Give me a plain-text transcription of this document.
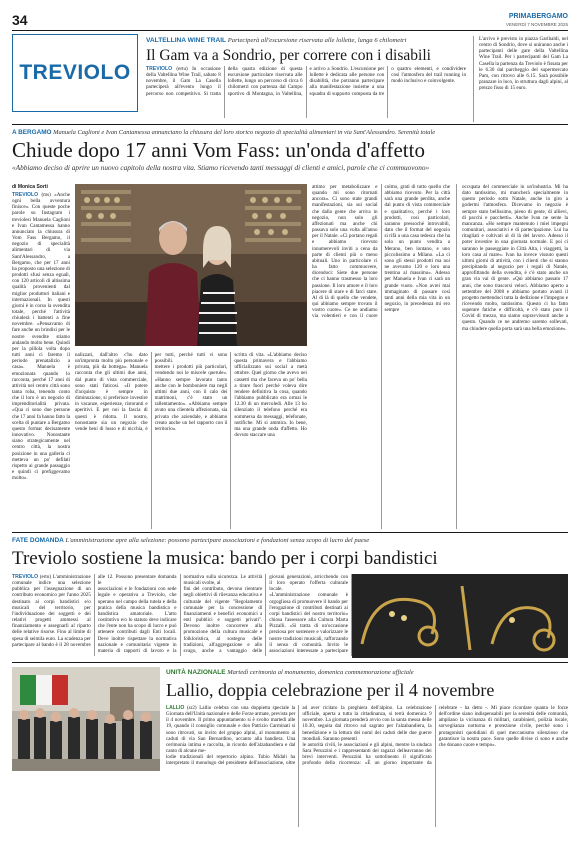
34	PRIMABERGAMO
VENERDÌ 7 NOVEMBRE 2025
TREVIOLO
VALTELLINA WINE TRAIL Parteciperà all'escursione riservata alle lollette, lunga 6 chilometri
Il Gam va a Sondrio, per correre con i disabili

TREVIOLO (ertu) In occasione della Valtellina Wine Trail, sabato 8 novembre, il Gam La Casella parteciperà all'evento lungo il percorso non competitivo. Si tratta della quarta edizione di questa escursione particolare riservata alle lollette, lungo un percorso di circa 6 chilometri con partenza dal Campo sportivo di Montagna, in Valtellina, e arrivo a Sondrio. L'escursione per lollette è dedicata alle persone con disabilità, che potranno partecipare alla manifestazione insieme a una squadra di supporto composta da tre o quattro elementi, e condividere così l'atmosfera del trail running in modo inclusivo e coinvolgente.

L'arrivo è previsto in piazza Garibaldi, nel centro di Sondrio, dove si uniranno anche i partecipanti delle gare della Valtellina Wine Trail. Per i partecipanti del Gam La Casella la partenza da Treviolo è fissata per le 6.30 dal parcheggio del supermercato Pam, con ritrovo alle 6.15. Sarà possibile pranzare in loco, in struttura dagli alpini, al prezzo fisso di 15 euro.

A BERGAMO Manuela Caglioni e Ivan Cantamessa annunciano la chiusura del loro storico negozio di specialità alimentari in via Sant'Alessandro. Serenità totale
Chiude dopo 17 anni Vom Fass: un'onda d'affetto
«Abbiamo deciso di aprire un nuovo capitolo della nostra vita. Stiamo ricevendo tanti messaggi di clienti e amici, parole che ci commuovono»
di Monica Sorti

TREVIOLO (ms) «Anche ogni bella avventura finisce». Con queste poche parole su Instagram i treviolesi Manuela Caglioni e Ivan Cantamessa hanno annunciato la chiusura di Vom Fass Bergamo, il negozio di specialità alimentari di via Sant'Alessandro, a Bergamo, che per 17 anni ha proposto una selezione di prodotti sfusi senza eguali, con 120 articoli di altissima qualità provenienti dal miglior produttori italiani e internazionali. In questi giorni è in corso la svendita totale, perché l'attività chiuderà i battenti a fine novembre. «Pensavamo di fare anche un brindisi per le nostre svendite stiamo andando molto bene. Quindi per la pillola volta dopo tutti anni ci faremo il periodo prenatalizio a casa». Manuela è emozionata quando lo racconta, perché 17 anni di attività nel centro città sono tanta roba, tenendo conto che il loro è un negozio di imprenditorialità privata. «Qua ci sono due persone che 17 anni fa hanno fatto la scelta di puntare a Bergamo questo format decisamente innovativo. Nonostante siano strategicamente nel centro città, la nostra posizione in una galleria ci metteva un po' defilati rispetto ai grande passaggio e quindi ci prefiggevamo molto».

nalizzati, dall'altro c'ho dato un'impronta molto più personale e privata, più da bottega». Manuela racconta che gli ultimi due anni, dal punto di vista commerciale, sono stati faticosi. «Il potere d'acquisto è sempre in diminuzione, si preferisce investire in vacanze, esperienze, ristoranti e aperitivi. E per noi la fascia di questi è ridotta. Il nostro, nonostante sia un negozio che vende beni di lusso e di nicchia, è per tutti, perché tutti vi sono possibili.

mettere i prodotti più particolari, vendendo noi le miscele querule». «Hanno sempre lavorato tanto anche con le bomboniere ma negli ultimi due anni, con il calo dei matrimoni, c'è stato un rallentamento». «Abbiamo sempre avuto una clientela affezionata, sia privata che aziendale, e abbiamo creato anche un bel rapporto con il territorio».

scritta di vita. «L'abbiamo deciso questa primavera e l'abbiamo ufficializzato sui social a metà ottobre. Quel giorno che avevo nei cassetti ma che faceva un po' bella a tirare fuori perché voleva dire rendere definitiva la cosa, quando l'abbiamo pubblicato era ormai le 12.30 di un mercoledì. Alle 13 ho silenziato il telefono perché era sommersa da messaggi, telefonate, notifiche. Mi si ammira. Io bene, ma una grande onda d'affetto. Ho dovuto staccare una

attimo per metabolizzare e quando mi sono ritornati ancora». Ci sono state grandi manifestazioni, sia sui social che dalla gente che arriva in negozio, non solo gli affezionati ma anche chi passava solo una volta all'anno per il Natale. «Ci portano regali e abbiamo ricevuto innumerevoli inviti a cena da parte di clienti più o meno abituali. Uno in particolare ci ha fatto commuovere, dicendoci: Siete due persone che ci hanno trasmesso la loro passione. Il loro amore e il loro piacere di stare e di farci stare. Al di là di quello che vendete, qui abbiamo sempre trovato il vostro cuore». Ce ne andiamo via volentieri e con il cuore colmo, grati di tutto quello che abbiamo ricevuto. Per la città sarà una grande perdita, anche dal punto di vista commerciale e qualitativo, perché i loro prodotti, così particolari, saranno pressoché introvabili, dato che il format del negozio si rifà a una casa tedesca che ha solo un punto vendita a Merano, ben lontano, e uno piccolissimo a Milano. «La ci sono gli stessi prodotti ma noi ne avevamo 120 e loro una trentina al massimo». Adesso per Manuela e Ivan ci sarà un grande vuoto. «Non avrei mai immaginato di passare così tanti anni della mia vita in un negozio, in precedenza mi ero sempre

occupata del commerciale in un'industria. Mi ha dato tantissimo, mi mancherà specialmente in questo periodo sotto Natale, anche in giro a godermi l'atmosfera. Dicevamo in negozio è sempre stato bellissimo, pieno di gente, di allievi, di pacchi e pacchetti». Anche Ivan ne sente la mancanza. «Ho sempre mantenuto i miei impegni comunitari, associativi e di partecipazione. Lui ha ritagliati e coltivati al di là del lavoro. Adesso il poter investire in una giornata normale. E poi ci saranno le passeggiate in Città Alta, i viaggetti, la loro casa al mare». Ivan ha invece vissuto questi ultimi giorni di attività, con i clienti che si stanno precipitando al negozio per i regali di Natale, approfittando della svendita, è c'è stato anche un gran via vai di gente. «Qui abbiamo passato 17 anni, che sono trascorsi veloci. Abbiamo aperto a settembre del 2008 e abbiamo portato avanti il progetto mettendoci tutta la dedizione e l'impegno e ricevendo molto, tantissimo. Questo ci ha fatto superare fatiche e difficoltà, e c'è stato pure il Covid di mezzo, ma siamo sopravvissuti anche a questo. Quando ce ne andremo saremo sollevati, ma chiudere quella porta sarà una bella emozione».

FATE DOMANDA L'amministrazione apre alla selezione: possono partecipare associazioni e fondazioni senza scopo di lucro del paese
Treviolo sostiene la musica: bando per i corpi bandistici

TREVIOLO (ertu) L'amministrazione comunale indice una selezione pubblica per l'assegnazione di un contributo economico per l'anno 2025 destinato ai corpi bandistici e/o musicali del territorio, per l'individuazione dei soggetti e dei relativi progetti ammessi al finanziamento e assegnarli al riparto delle relative risorse. Fino al limite di spesa di seimila euro. La scadenza per partecipare al bando è il 28 novembre alle 12. Possono presentare domanda le

associazioni e le fondazioni con sede legale e operativa a Treviolo, che operano nel campo della tutela e della pratica della musica bandistica e bandistica amatoriale. L'atto costitutivo e/o lo statuto deve indicare che l'ente non ha scopo di lucro e può ottenere contributi dagli Enti locali. Deve inoltre rispettare la normativa nazionale e comunitaria vigente in materia di rapporti di lavoro e la normativa sulla sicurezza. Le attività musicali svolte, al

fini del contributo, devono rientrare negli obiettivi di rilevanza educativa e culturale del vigente "Regolamento comunale per la concessione di finanziamenti e benefici economici a enti pubblici e soggetti privati". Devono inoltre concorrere alla promozione della cultura musicale e folkloristica, al sostegno delle tradizioni, all'aggregazione e allo svago, anche a vantaggio delle giovani generazioni, arricchendo con il loro operato l'offerta culturale locale.

«L'amministrazione comunale è orgogliosa di promuovere il bando per l'erogazione di contributi destinati ai corpi bandistici del nostro territorio» chiosa l'assessore alla Cultura Marta Pizzalli. «Si tratta di un'occasione preziosa per sostenere e valorizzare le nostre tradizioni musicali, rafforzando il senso di comunità. Invito le associazioni interessate a partecipare

UNITÀ NAZIONALE Martedì cerimonia al monumento, domenica commemorazione ufficiale
Lallio, doppia celebrazione per il 4 novembre

LALLIO (sr2) Lallio celebra con una doppietta speciale la Giornata dell'Unità nazionale e delle Forze armate, prevista per il 4 novembre. Il primo appuntamento si è svolto martedì alle 19, quando il consiglio comunale e don Patrizio Carminati si sono ritrovati, su invito del gruppo alpini, al monumento ai caduti di via San Bernardino, accanto alla bandiera. Una cerimonia intima e raccolta, in ricordo dell'alzabandiera e dal canto di alcune me-

lodie tradizionali del repertorio alpino. Tobio Midali ha interpretato il monologo del presidente dell'associazione, oltre ad aver ricitato la preghiera dell'alpino. La celebrazione ufficiale, aperta a tutta la cittadinanza, si terrà domenica 9 novembre. La giornata prenderà avvio con la santa messa delle 10.30, seguita dal ritrovo sul sagrato per l'alzabandiera, la benedizione e la lettura dei nomi dei caduti delle due guerre mondiali. Saranno presenti

le autorità civili, le associazioni e gli alpini, mentre la sindaca Sara Peruzzini e i rappresentanti dei ragazzi delleavranno dei brevi interventi. Peruzzini ha sottolineato il significato profondo della ricorrenza: «È un giorno importante da celebrare - ha detto -. Mi piace ricordare quanto le forze dell'ordine siano indispensabili per la serenità delle comunità, ampliano la vicinanza di militari, carabinieri, polizia locale, sorveglianza notturna e protezione civile, perché sono i protagonisti quotidiani di quel meccanismo silenzioso che garantisce la nostra pace. Sono quelle divise ci sono e anche che donano cuore e tempo».
